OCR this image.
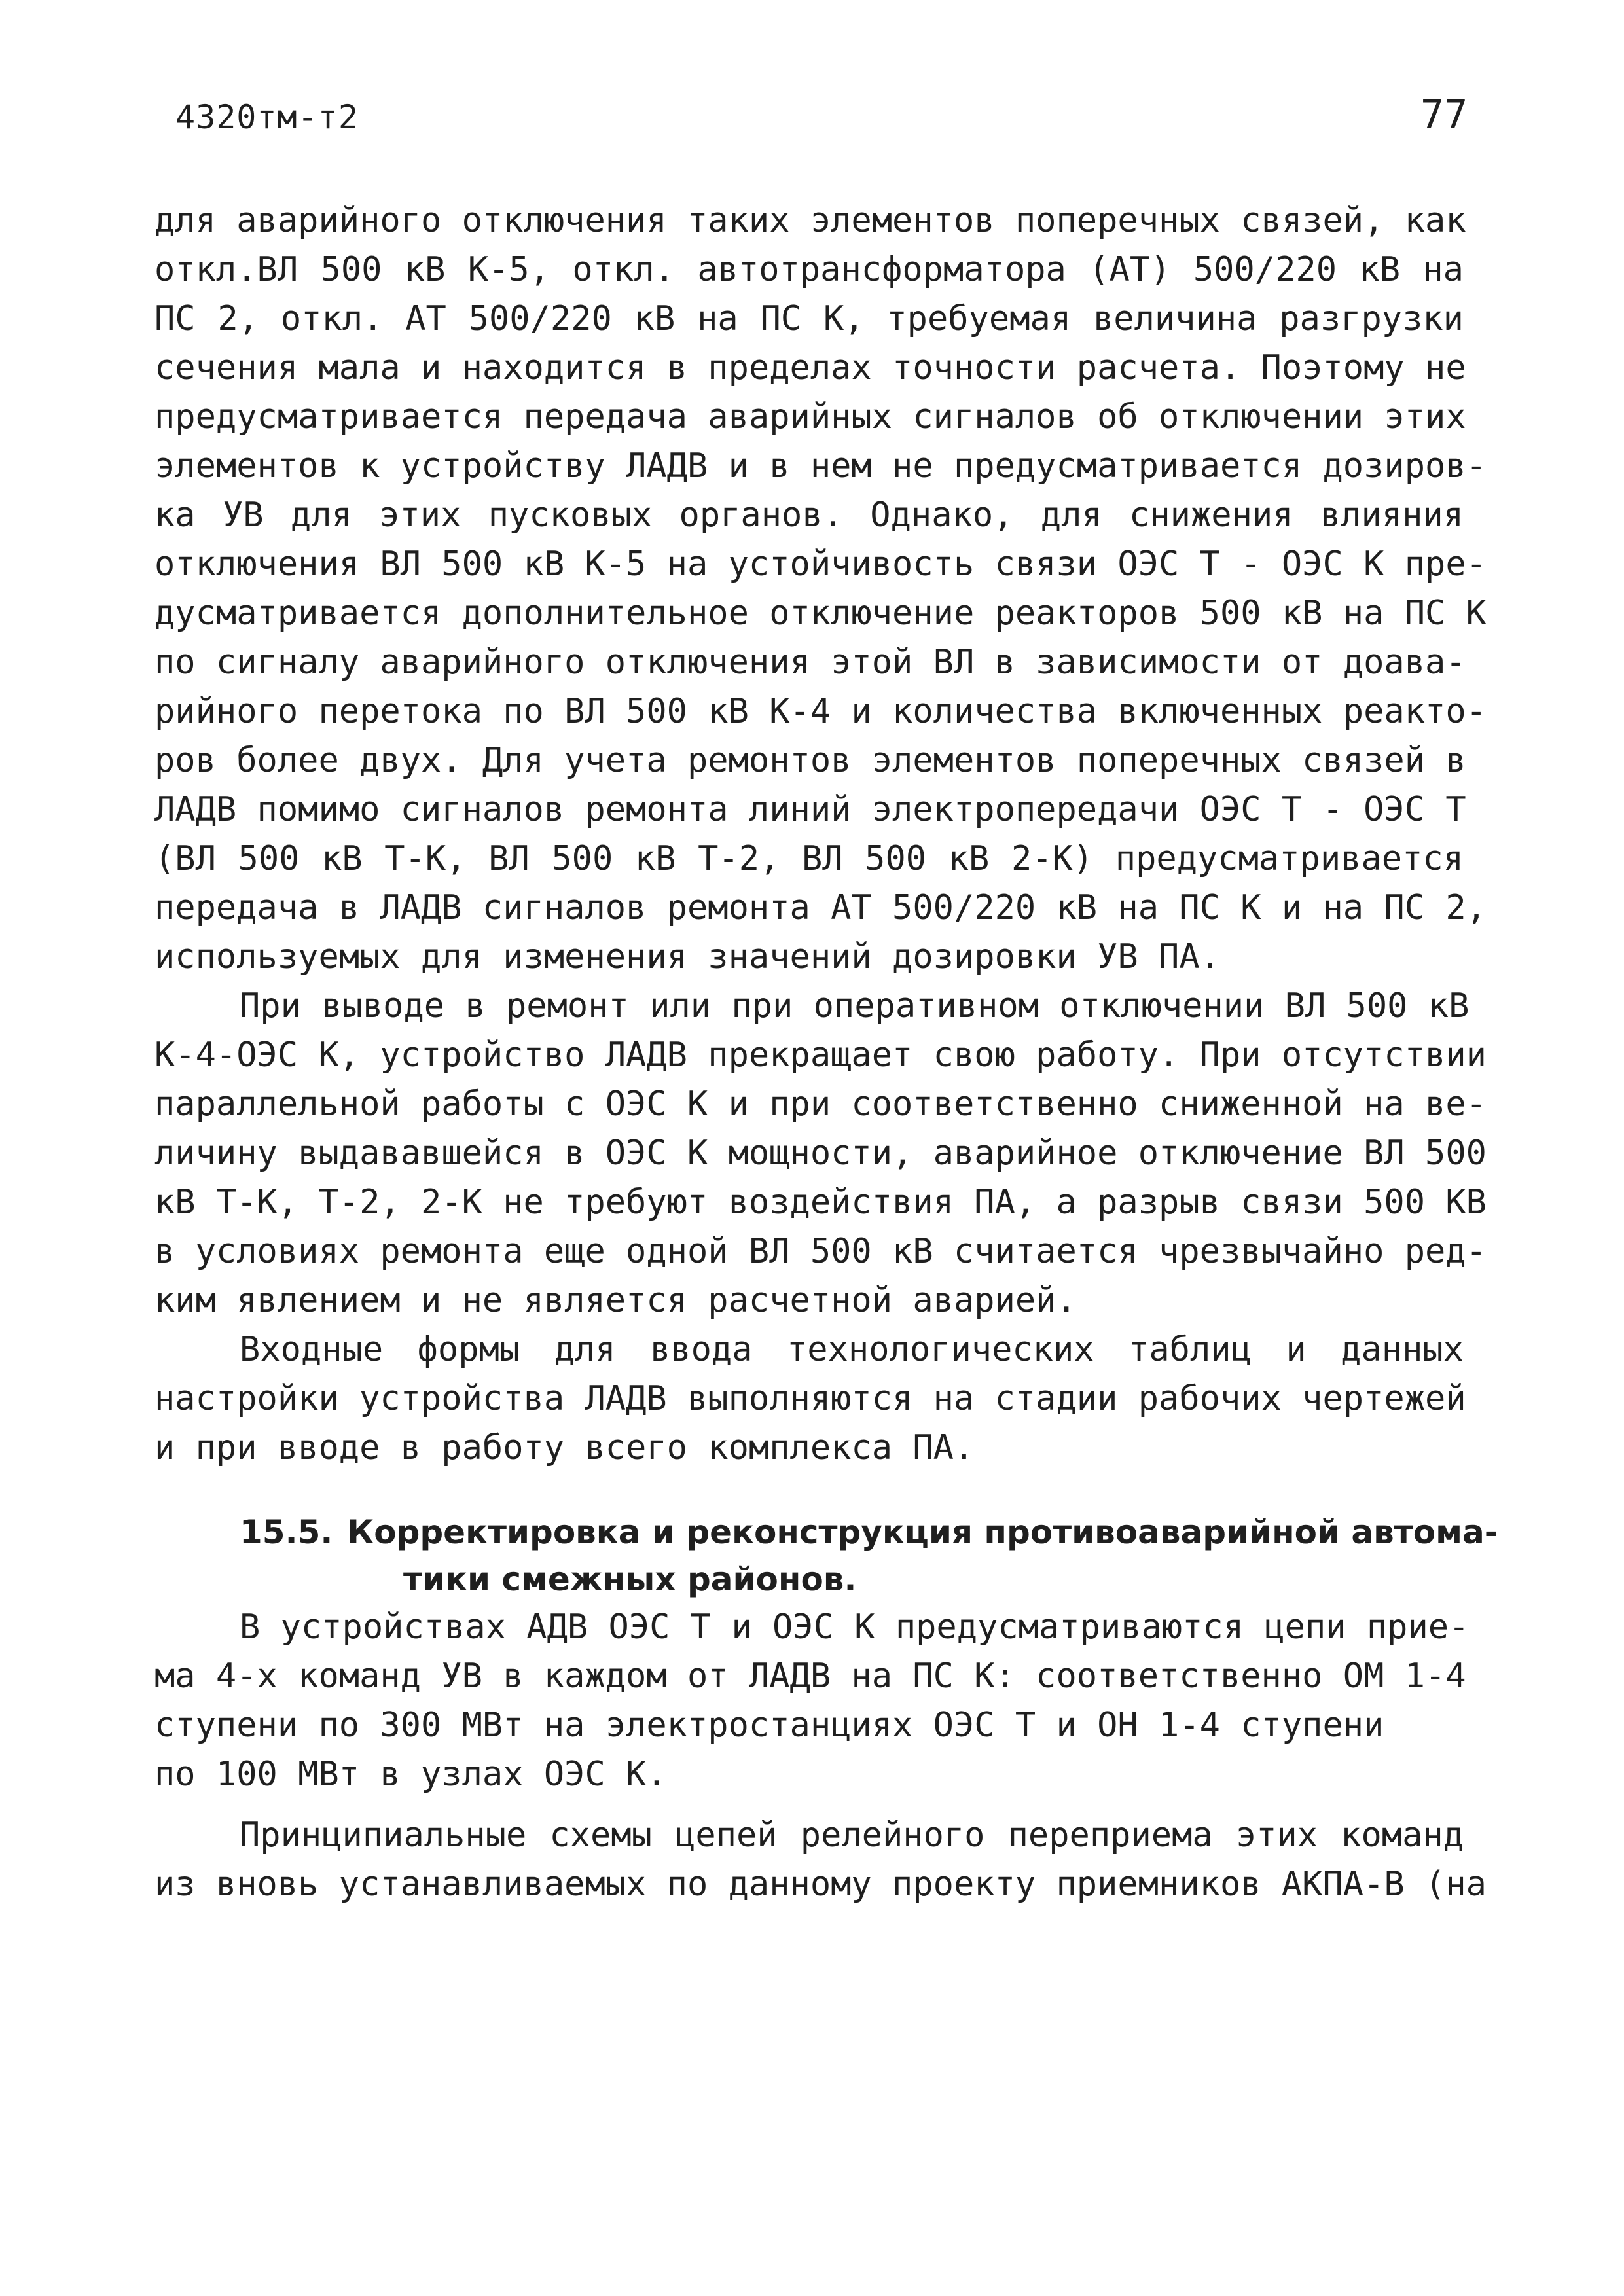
4320тм-т2	77

для аварийного отключения таких элементов поперечных связей, как
откл.ВЛ 500 кВ К-5, откл. автотрансформатора (АТ) 500/220 кВ на
ПС 2, откл. АТ 500/220 кВ на ПС К, требуемая величина разгрузки
сечения мала и находится в пределах точности расчета. Поэтому не
предусматривается передача аварийных сигналов об отключении этих
элементов к устройству ЛАДВ и в нем не предусматривается дозиров-
ка УВ для этих пусковых органов. Однако, для снижения влияния
отключения ВЛ 500 кВ К-5 на устойчивость связи ОЭС Т - ОЭС К пре-
дусматривается дополнительное отключение реакторов 500 кВ на ПС К
по сигналу аварийного отключения этой ВЛ в зависимости от доава-
рийного перетока по ВЛ 500 кВ К-4 и количества включенных реакто-
ров более двух. Для учета ремонтов элементов поперечных связей в
ЛАДВ помимо сигналов ремонта линий электропередачи ОЭС Т - ОЭС Т
(ВЛ 500 кВ Т-К, ВЛ 500 кВ Т-2, ВЛ 500 кВ 2-К) предусматривается
передача в ЛАДВ сигналов ремонта АТ 500/220 кВ на ПС К и на ПС 2,
используемых для изменения значений дозировки УВ ПА.

При выводе в ремонт или при оперативном отключении ВЛ 500 кВ
К-4-ОЭС К, устройство ЛАДВ прекращает свою работу. При отсутствии
параллельной работы с ОЭС К и при соответственно сниженной на ве-
личину выдававшейся в ОЭС К мощности, аварийное отключение ВЛ 500
кВ Т-К, Т-2, 2-К не требуют воздействия ПА, а разрыв связи 500 КВ
в условиях ремонта еще одной ВЛ 500 кВ считается чрезвычайно ред-
ким явлением и не является расчетной аварией.

Входные формы для ввода технологических таблиц и данных
настройки устройства ЛАДВ выполняются на стадии рабочих чертежей
и при вводе в работу всего комплекса ПА.

15.5. Корректировка и реконструкция противоаварийной автома-
тики смежных районов.

В устройствах АДВ ОЭС Т и ОЭС К предусматриваются цепи прие-
ма 4-х команд УВ в каждом от ЛАДВ на ПС К: соответственно ОМ 1-4
ступени по 300 МВт на электростанциях ОЭС Т и ОН 1-4 ступени
по 100 МВт в узлах ОЭС К.

Принципиальные схемы цепей релейного переприема этих команд
из вновь устанавливаемых по данному проекту приемников АКПА-В (на
